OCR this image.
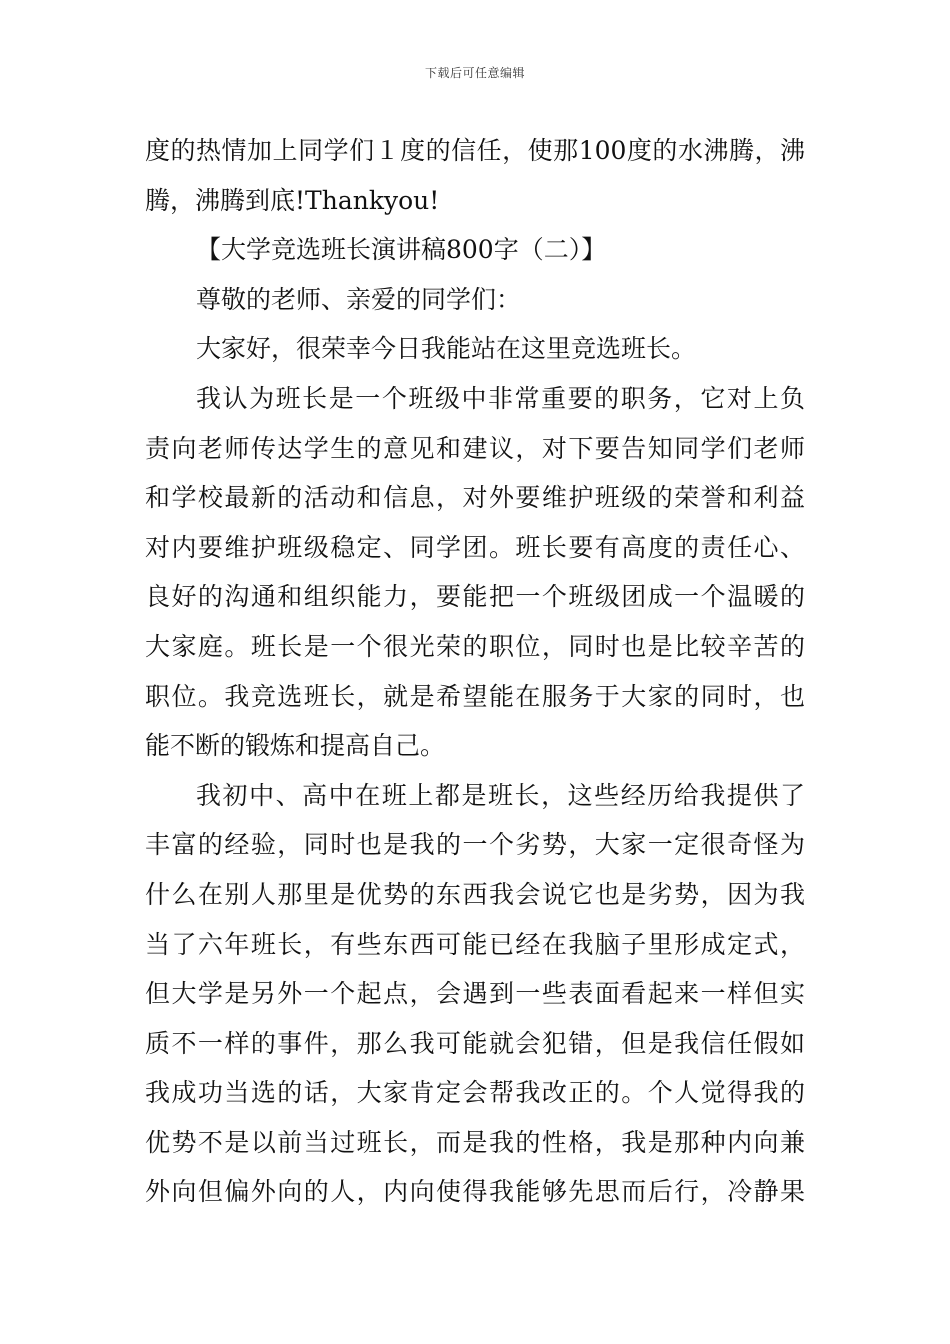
下载后可任意编辑
度的热情加上同学们１度的信任，使那100度的水沸腾，沸
腾，沸腾到底!Thankyou!
【大学竞选班长演讲稿800字（二）】
尊敬的老师、亲爱的同学们：
大家好，很荣幸今日我能站在这里竞选班长。
我认为班长是一个班级中非常重要的职务，它对上负
责向老师传达学生的意见和建议，对下要告知同学们老师
和学校最新的活动和信息，对外要维护班级的荣誉和利益
对内要维护班级稳定、同学团。班长要有高度的责任心、
良好的沟通和组织能力，要能把一个班级团成一个温暖的
大家庭。班长是一个很光荣的职位，同时也是比较辛苦的
职位。我竞选班长，就是希望能在服务于大家的同时，也
能不断的锻炼和提高自己。
我初中、高中在班上都是班长，这些经历给我提供了
丰富的经验，同时也是我的一个劣势，大家一定很奇怪为
什么在别人那里是优势的东西我会说它也是劣势，因为我
当了六年班长，有些东西可能已经在我脑子里形成定式，
但大学是另外一个起点，会遇到一些表面看起来一样但实
质不一样的事件，那么我可能就会犯错，但是我信任假如
我成功当选的话，大家肯定会帮我改正的。个人觉得我的
优势不是以前当过班长，而是我的性格，我是那种内向兼
外向但偏外向的人，内向使得我能够先思而后行，冷静果
